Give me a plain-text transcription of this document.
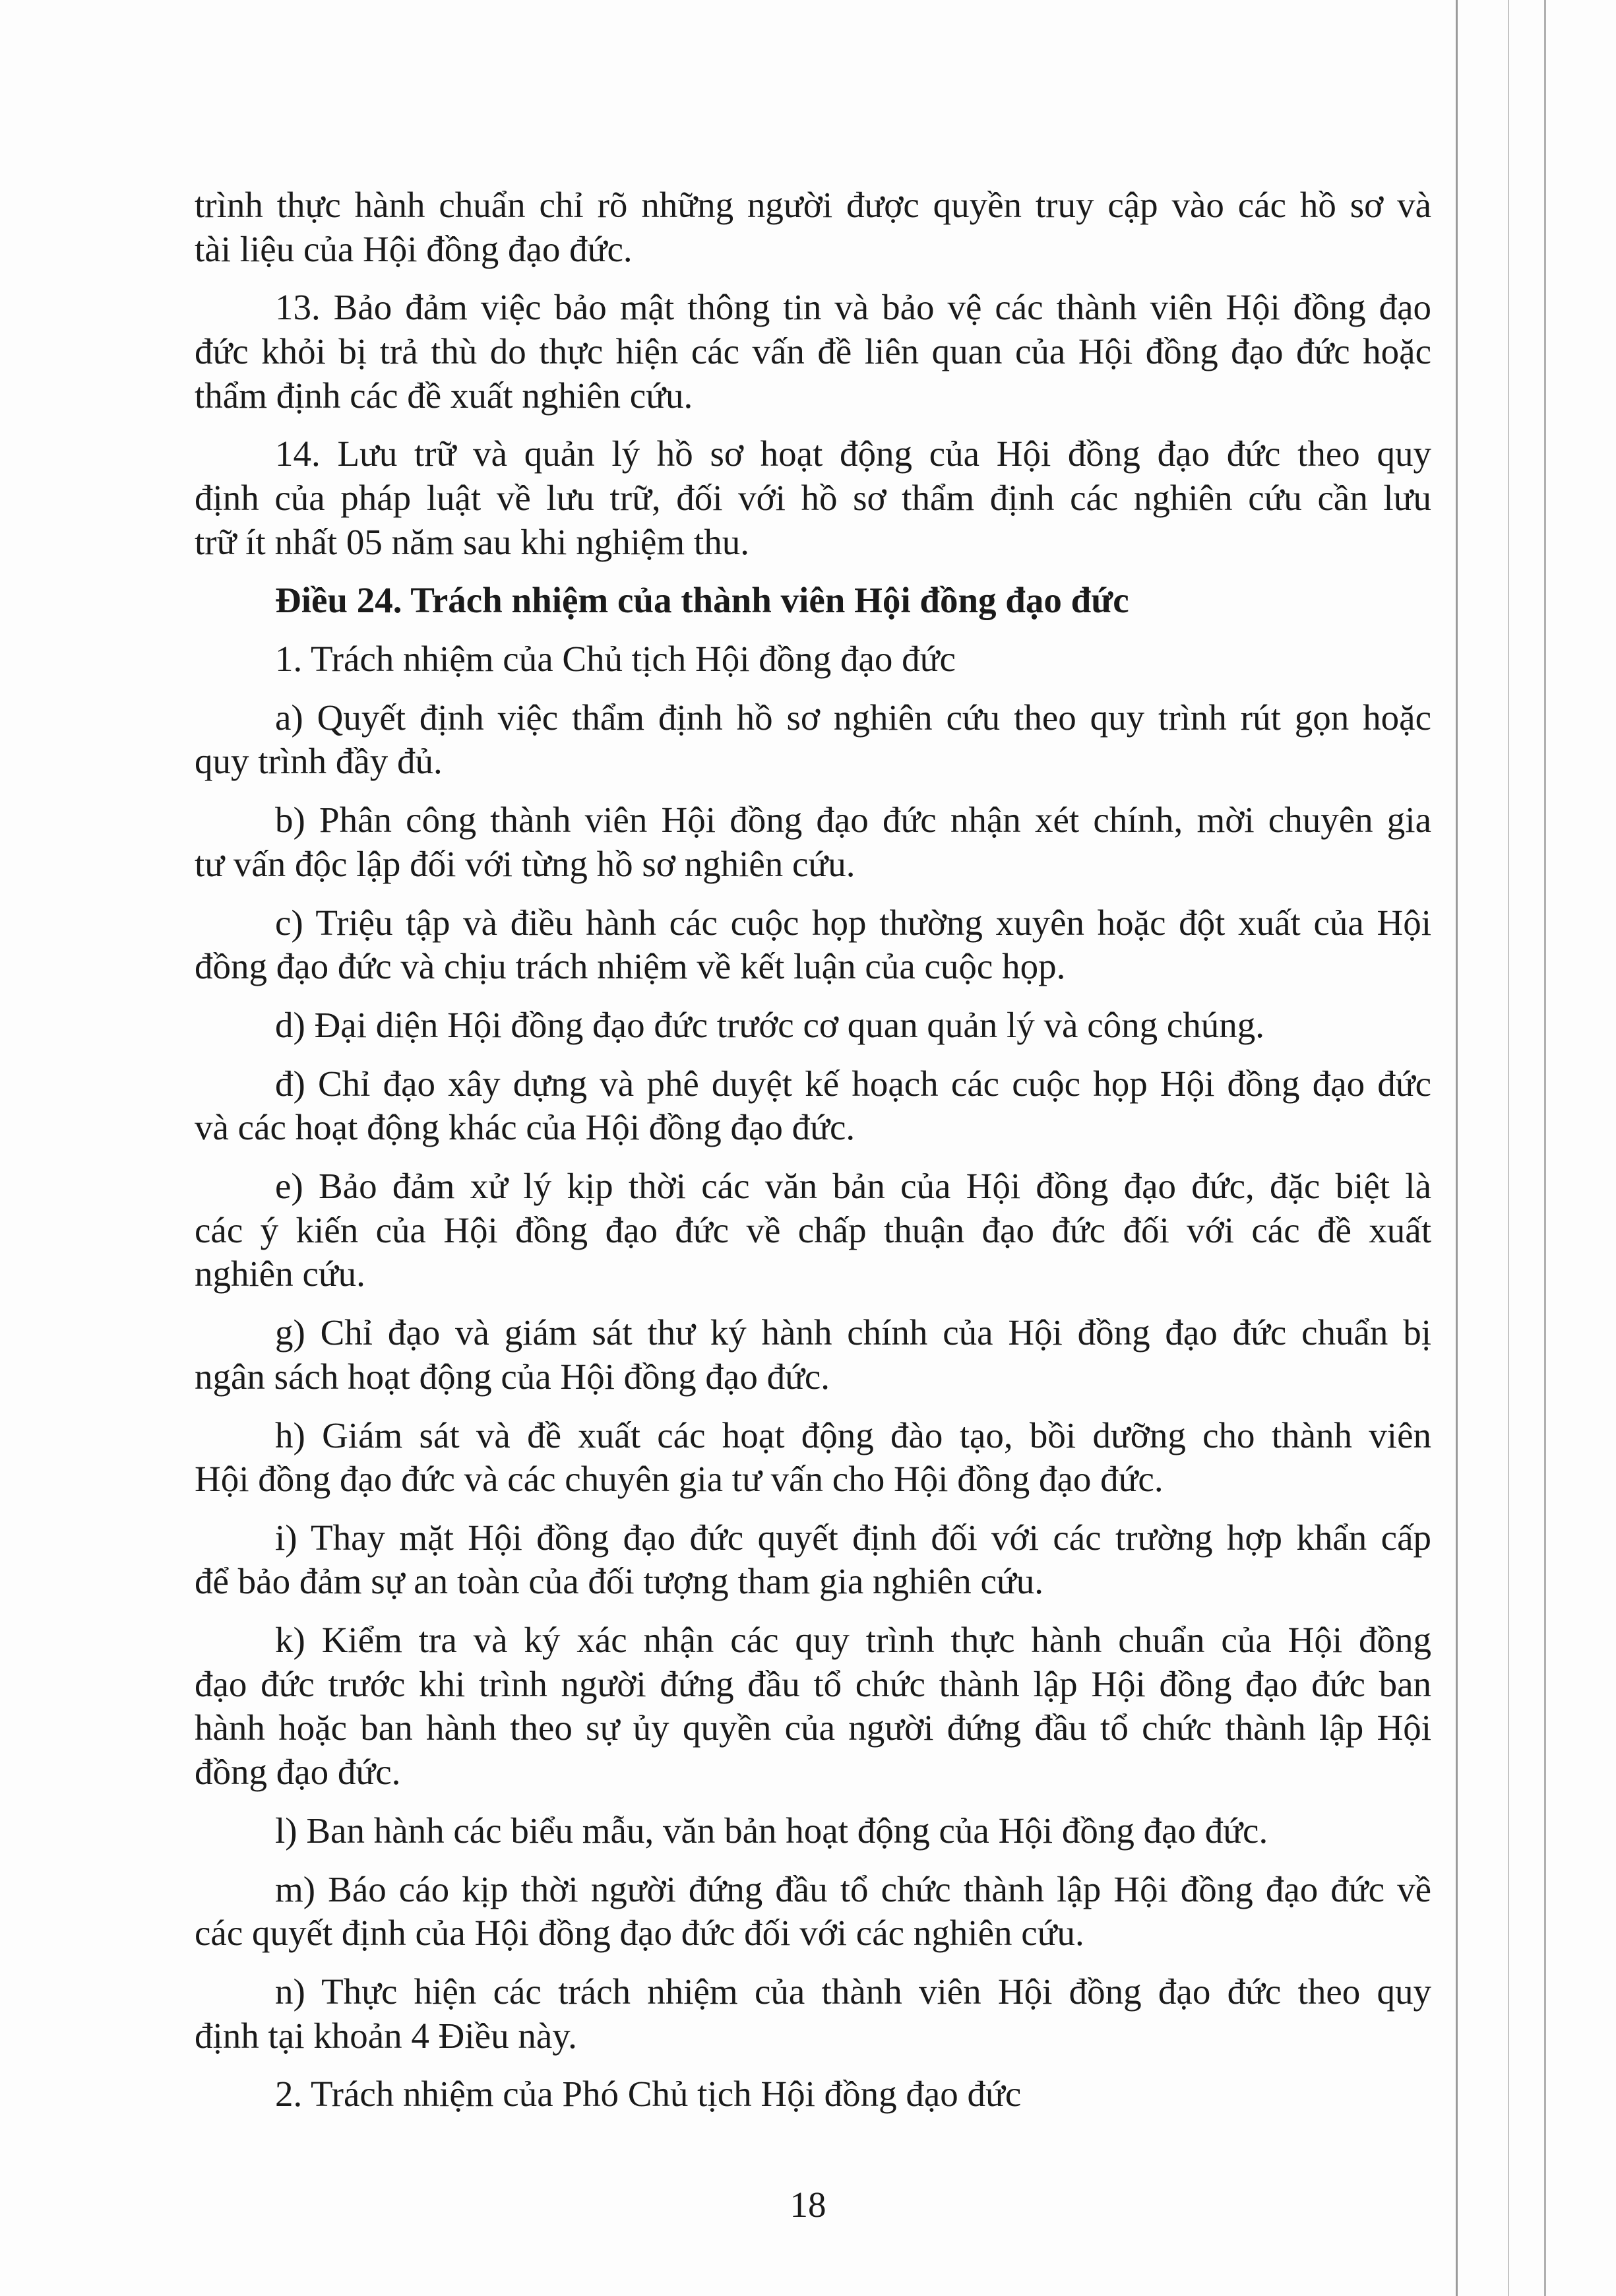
trình thực hành chuẩn chỉ rõ những người được quyền truy cập vào các hồ sơ và
tài liệu của Hội đồng đạo đức.
13. Bảo đảm việc bảo mật thông tin và bảo vệ các thành viên Hội đồng đạo
đức khỏi bị trả thù do thực hiện các vấn đề liên quan của Hội đồng đạo đức hoặc
thẩm định các đề xuất nghiên cứu.
14. Lưu trữ và quản lý hồ sơ hoạt động của Hội đồng đạo đức theo quy
định của pháp luật về lưu trữ, đối với hồ sơ thẩm định các nghiên cứu cần lưu
trữ ít nhất 05 năm sau khi nghiệm thu.
Điều 24. Trách nhiệm của thành viên Hội đồng đạo đức
1. Trách nhiệm của Chủ tịch Hội đồng đạo đức
a) Quyết định việc thẩm định hồ sơ nghiên cứu theo quy trình rút gọn hoặc
quy trình đầy đủ.
b) Phân công thành viên Hội đồng đạo đức nhận xét chính, mời chuyên gia
tư vấn độc lập đối với từng hồ sơ nghiên cứu.
c) Triệu tập và điều hành các cuộc họp thường xuyên hoặc đột xuất của Hội
đồng đạo đức và chịu trách nhiệm về kết luận của cuộc họp.
d) Đại diện Hội đồng đạo đức trước cơ quan quản lý và công chúng.
đ) Chỉ đạo xây dựng và phê duyệt kế hoạch các cuộc họp Hội đồng đạo đức
và các hoạt động khác của Hội đồng đạo đức.
e) Bảo đảm xử lý kịp thời các văn bản của Hội đồng đạo đức, đặc biệt là
các ý kiến của Hội đồng đạo đức về chấp thuận đạo đức đối với các đề xuất
nghiên cứu.
g) Chỉ đạo và giám sát thư ký hành chính của Hội đồng đạo đức chuẩn bị
ngân sách hoạt động của Hội đồng đạo đức.
h) Giám sát và đề xuất các hoạt động đào tạo, bồi dưỡng cho thành viên
Hội đồng đạo đức và các chuyên gia tư vấn cho Hội đồng đạo đức.
i) Thay mặt Hội đồng đạo đức quyết định đối với các trường hợp khẩn cấp
để bảo đảm sự an toàn của đối tượng tham gia nghiên cứu.
k) Kiểm tra và ký xác nhận các quy trình thực hành chuẩn của Hội đồng
đạo đức trước khi trình người đứng đầu tổ chức thành lập Hội đồng đạo đức ban
hành hoặc ban hành theo sự ủy quyền của người đứng đầu tổ chức thành lập Hội
đồng đạo đức.
l) Ban hành các biểu mẫu, văn bản hoạt động của Hội đồng đạo đức.
m) Báo cáo kịp thời người đứng đầu tổ chức thành lập Hội đồng đạo đức về
các quyết định của Hội đồng đạo đức đối với các nghiên cứu.
n) Thực hiện các trách nhiệm của thành viên Hội đồng đạo đức theo quy
định tại khoản 4 Điều này.
2. Trách nhiệm của Phó Chủ tịch Hội đồng đạo đức
18
